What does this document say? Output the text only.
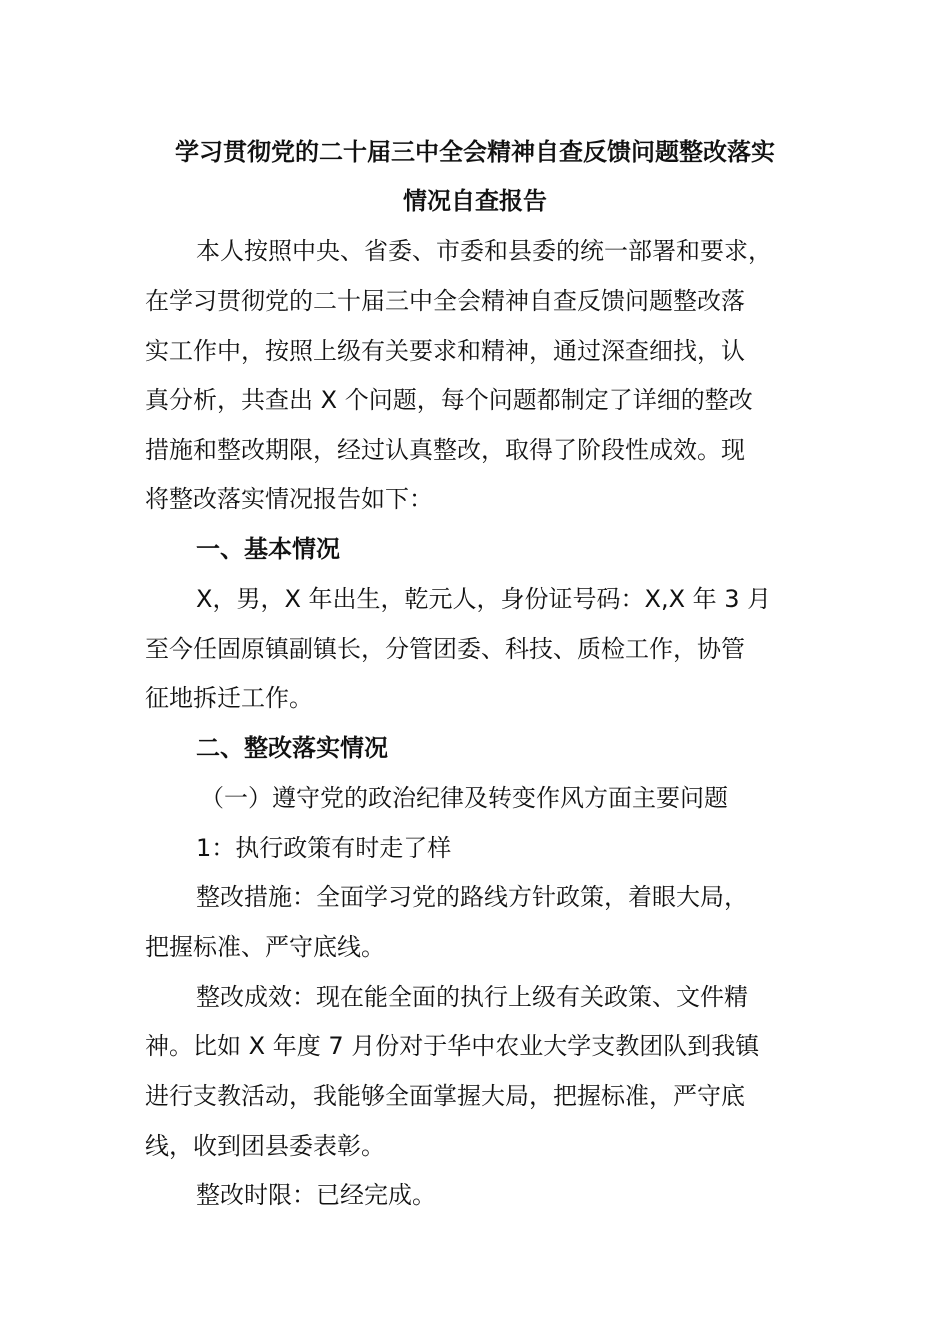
学习贯彻党的二十届三中全会精神自查反馈问题整改落实
情况自查报告

本人按照中央、省委、市委和县委的统一部署和要求，

在学习贯彻党的二十届三中全会精神自查反馈问题整改落

实工作中，按照上级有关要求和精神，通过深查细找，认

真分析，共查出 X 个问题，每个问题都制定了详细的整改

措施和整改期限，经过认真整改，取得了阶段性成效。现

将整改落实情况报告如下：

一、基本情况

X，男，X 年出生，乾元人，身份证号码：X,X 年 3 月

至今任固原镇副镇长，分管团委、科技、质检工作，协管

征地拆迁工作。

二、整改落实情况

（一）遵守党的政治纪律及转变作风方面主要问题

1：执行政策有时走了样

整改措施：全面学习党的路线方针政策，着眼大局，

把握标准、严守底线。

整改成效：现在能全面的执行上级有关政策、文件精

神。比如 X 年度 7 月份对于华中农业大学支教团队到我镇

进行支教活动，我能够全面掌握大局，把握标准，严守底

线，收到团县委表彰。

整改时限：已经完成。
